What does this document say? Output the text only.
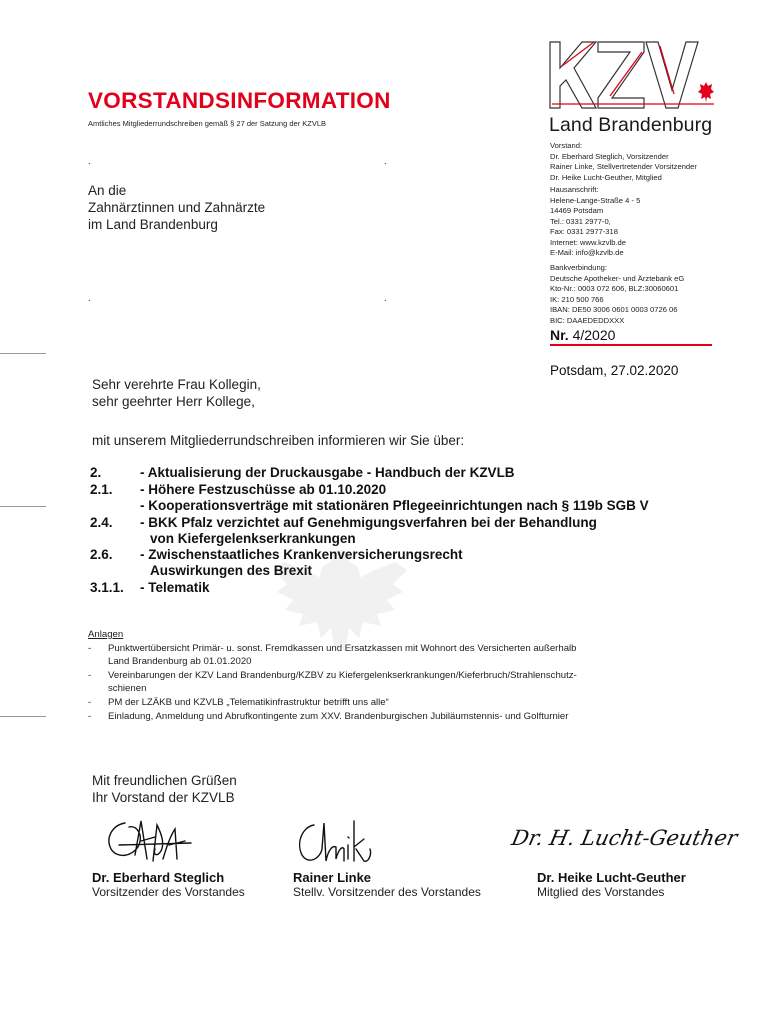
VORSTANDSINFORMATION
Amtliches Mitgliederrundschreiben gemäß § 27 der Satzung der KZVLB	Land Brandenburg
.	.
.	.
An die
Zahnärztinnen und Zahnärzte
im Land Brandenburg
Vorstand:
Dr. Eberhard Steglich, Vorsitzender
Rainer Linke, Stellvertretender Vorsitzender
Dr. Heike Lucht-Geuther, Mitglied
Hausanschrift:
Helene-Lange-Straße 4 - 5
14469 Potsdam
Tel.: 0331 2977-0,
Fax: 0331 2977-318
Internet: www.kzvlb.de
E-Mail: info@kzvlb.de
Bankverbindung:
Deutsche Apotheker- und Ärztebank eG
Kto-Nr.: 0003 072 606, BLZ:30060601
IK: 210 500 766
IBAN: DE50 3006 0601 0003 0726 06
BIC: DAAEDEDDXXX
Nr. 4/2020
Potsdam, 27.02.2020
Sehr verehrte Frau Kollegin,
sehr geehrter Herr Kollege,
mit unserem Mitgliederrundschreiben informieren wir Sie über:
2.	- Aktualisierung der Druckausgabe - Handbuch der KZVLB
2.1. - Höhere Festzuschüsse ab 01.10.2020
- Kooperationsverträge mit stationären Pflegeeinrichtungen nach § 119b SGB V
2.4. - BKK Pfalz verzichtet auf Genehmigungsverfahren bei der Behandlung
von Kiefergelenkserkrankungen
2.6. - Zwischenstaatliches Krankenversicherungsrecht
Auswirkungen des Brexit
3.1.1. - Telematik
Anlagen
- Punktwertübersicht Primär- u. sonst. Fremdkassen und Ersatzkassen mit Wohnort des Versicherten außerhalb
Land Brandenburg ab 01.01.2020
- Vereinbarungen der KZV Land Brandenburg/KZBV zu Kiefergelenkserkrankungen/Kieferbruch/Strahlenschutz-
schienen
- PM der LZÄKB und KZVLB „Telematikinfrastruktur betrifft uns alle“
- Einladung, Anmeldung und Abrufkontingente zum XXV. Brandenburgischen Jubiläumstennis- und Golfturnier
Mit freundlichen Grüßen
Ihr Vorstand der KZVLB
Dr. H. Lucht-Geuther
Dr. Eberhard Steglich
Vorsitzender des Vorstandes
Rainer Linke
Stellv. Vorsitzender des Vorstandes
Dr. Heike Lucht-Geuther
Mitglied des Vorstandes
